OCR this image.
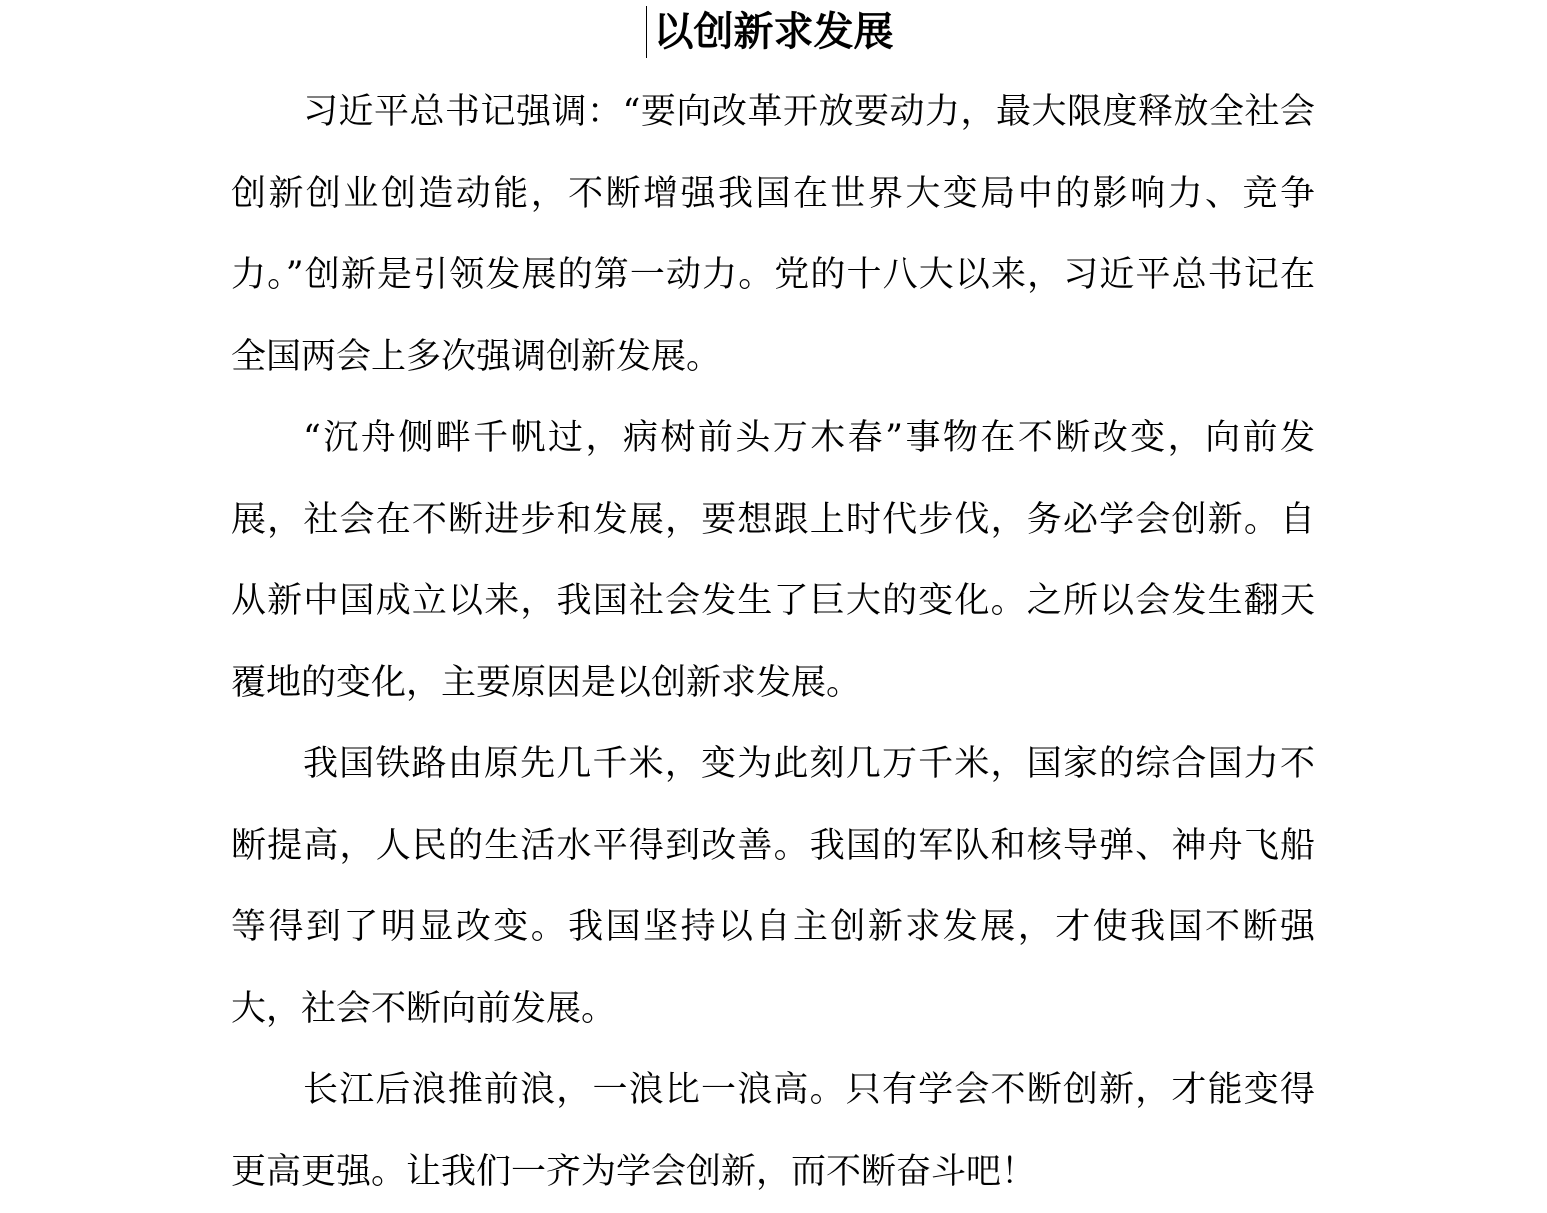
以创新求发展

习近平总书记强调：“要向改革开放要动力，最大限度释放全社会创新创业创造动能，不断增强我国在世界大变局中的影响力、竞争力。”创新是引领发展的第一动力。党的十八大以来，习近平总书记在全国两会上多次强调创新发展。

“沉舟侧畔千帆过，病树前头万木春”事物在不断改变，向前发展，社会在不断进步和发展，要想跟上时代步伐，务必学会创新。自从新中国成立以来，我国社会发生了巨大的变化。之所以会发生翻天覆地的变化，主要原因是以创新求发展。

我国铁路由原先几千米，变为此刻几万千米，国家的综合国力不断提高，人民的生活水平得到改善。我国的军队和核导弹、神舟飞船等得到了明显改变。我国坚持以自主创新求发展，才使我国不断强大，社会不断向前发展。

长江后浪推前浪，一浪比一浪高。只有学会不断创新，才能变得更高更强。让我们一齐为学会创新，而不断奋斗吧！
